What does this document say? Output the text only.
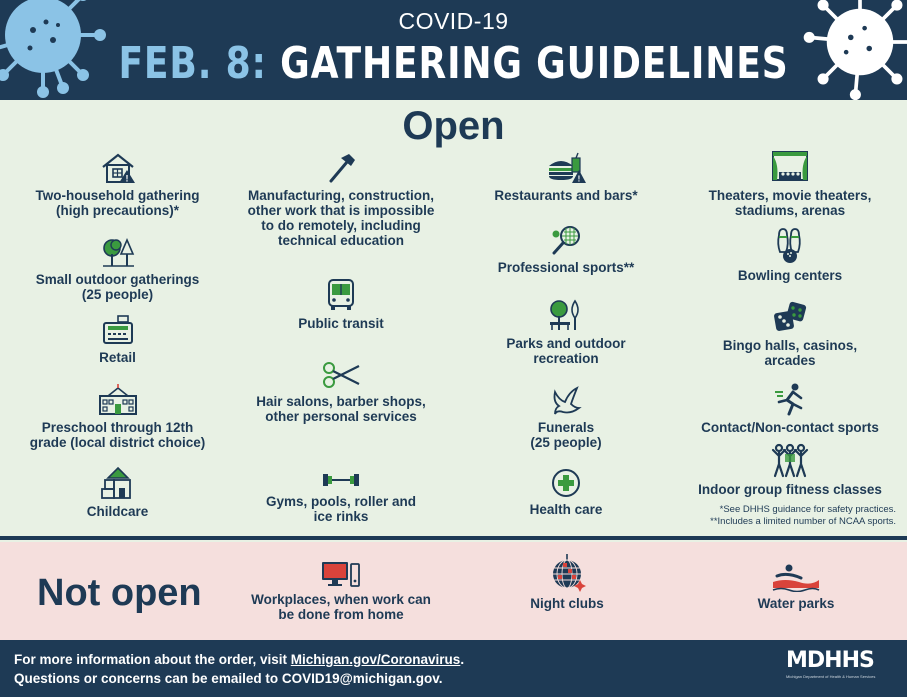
COVID-19
FEB. 8: GATHERING GUIDELINES
Open
!
Two-household gathering
(high precautions)*
Small outdoor gatherings
(25 people)
Retail
Preschool through 12th
grade (local district choice)
Childcare
Manufacturing, construction,
other work that is impossible
to do remotely, including
technical education
Public transit
Hair salons, barber shops,
other personal services
Gyms, pools, roller and
ice rinks
!
Restaurants and bars*
Professional sports**
Parks and outdoor
recreation
Funerals
(25 people)
Health care
Theaters, movie theaters,
stadiums, arenas
Bowling centers
Bingo halls, casinos,
arcades
Contact/Non-contact sports
Indoor group fitness classes
*See DHHS guidance for safety practices.
**Includes a limited number of NCAA sports.
Not open	Workplaces, when work can
be done from home
Night clubs	Water parks
For more information about the order, visit Michigan.gov/Coronavirus.
Questions or concerns can be emailed to COVID19@michigan.gov.
MDHHS
Michigan Department of Health & Human Services
